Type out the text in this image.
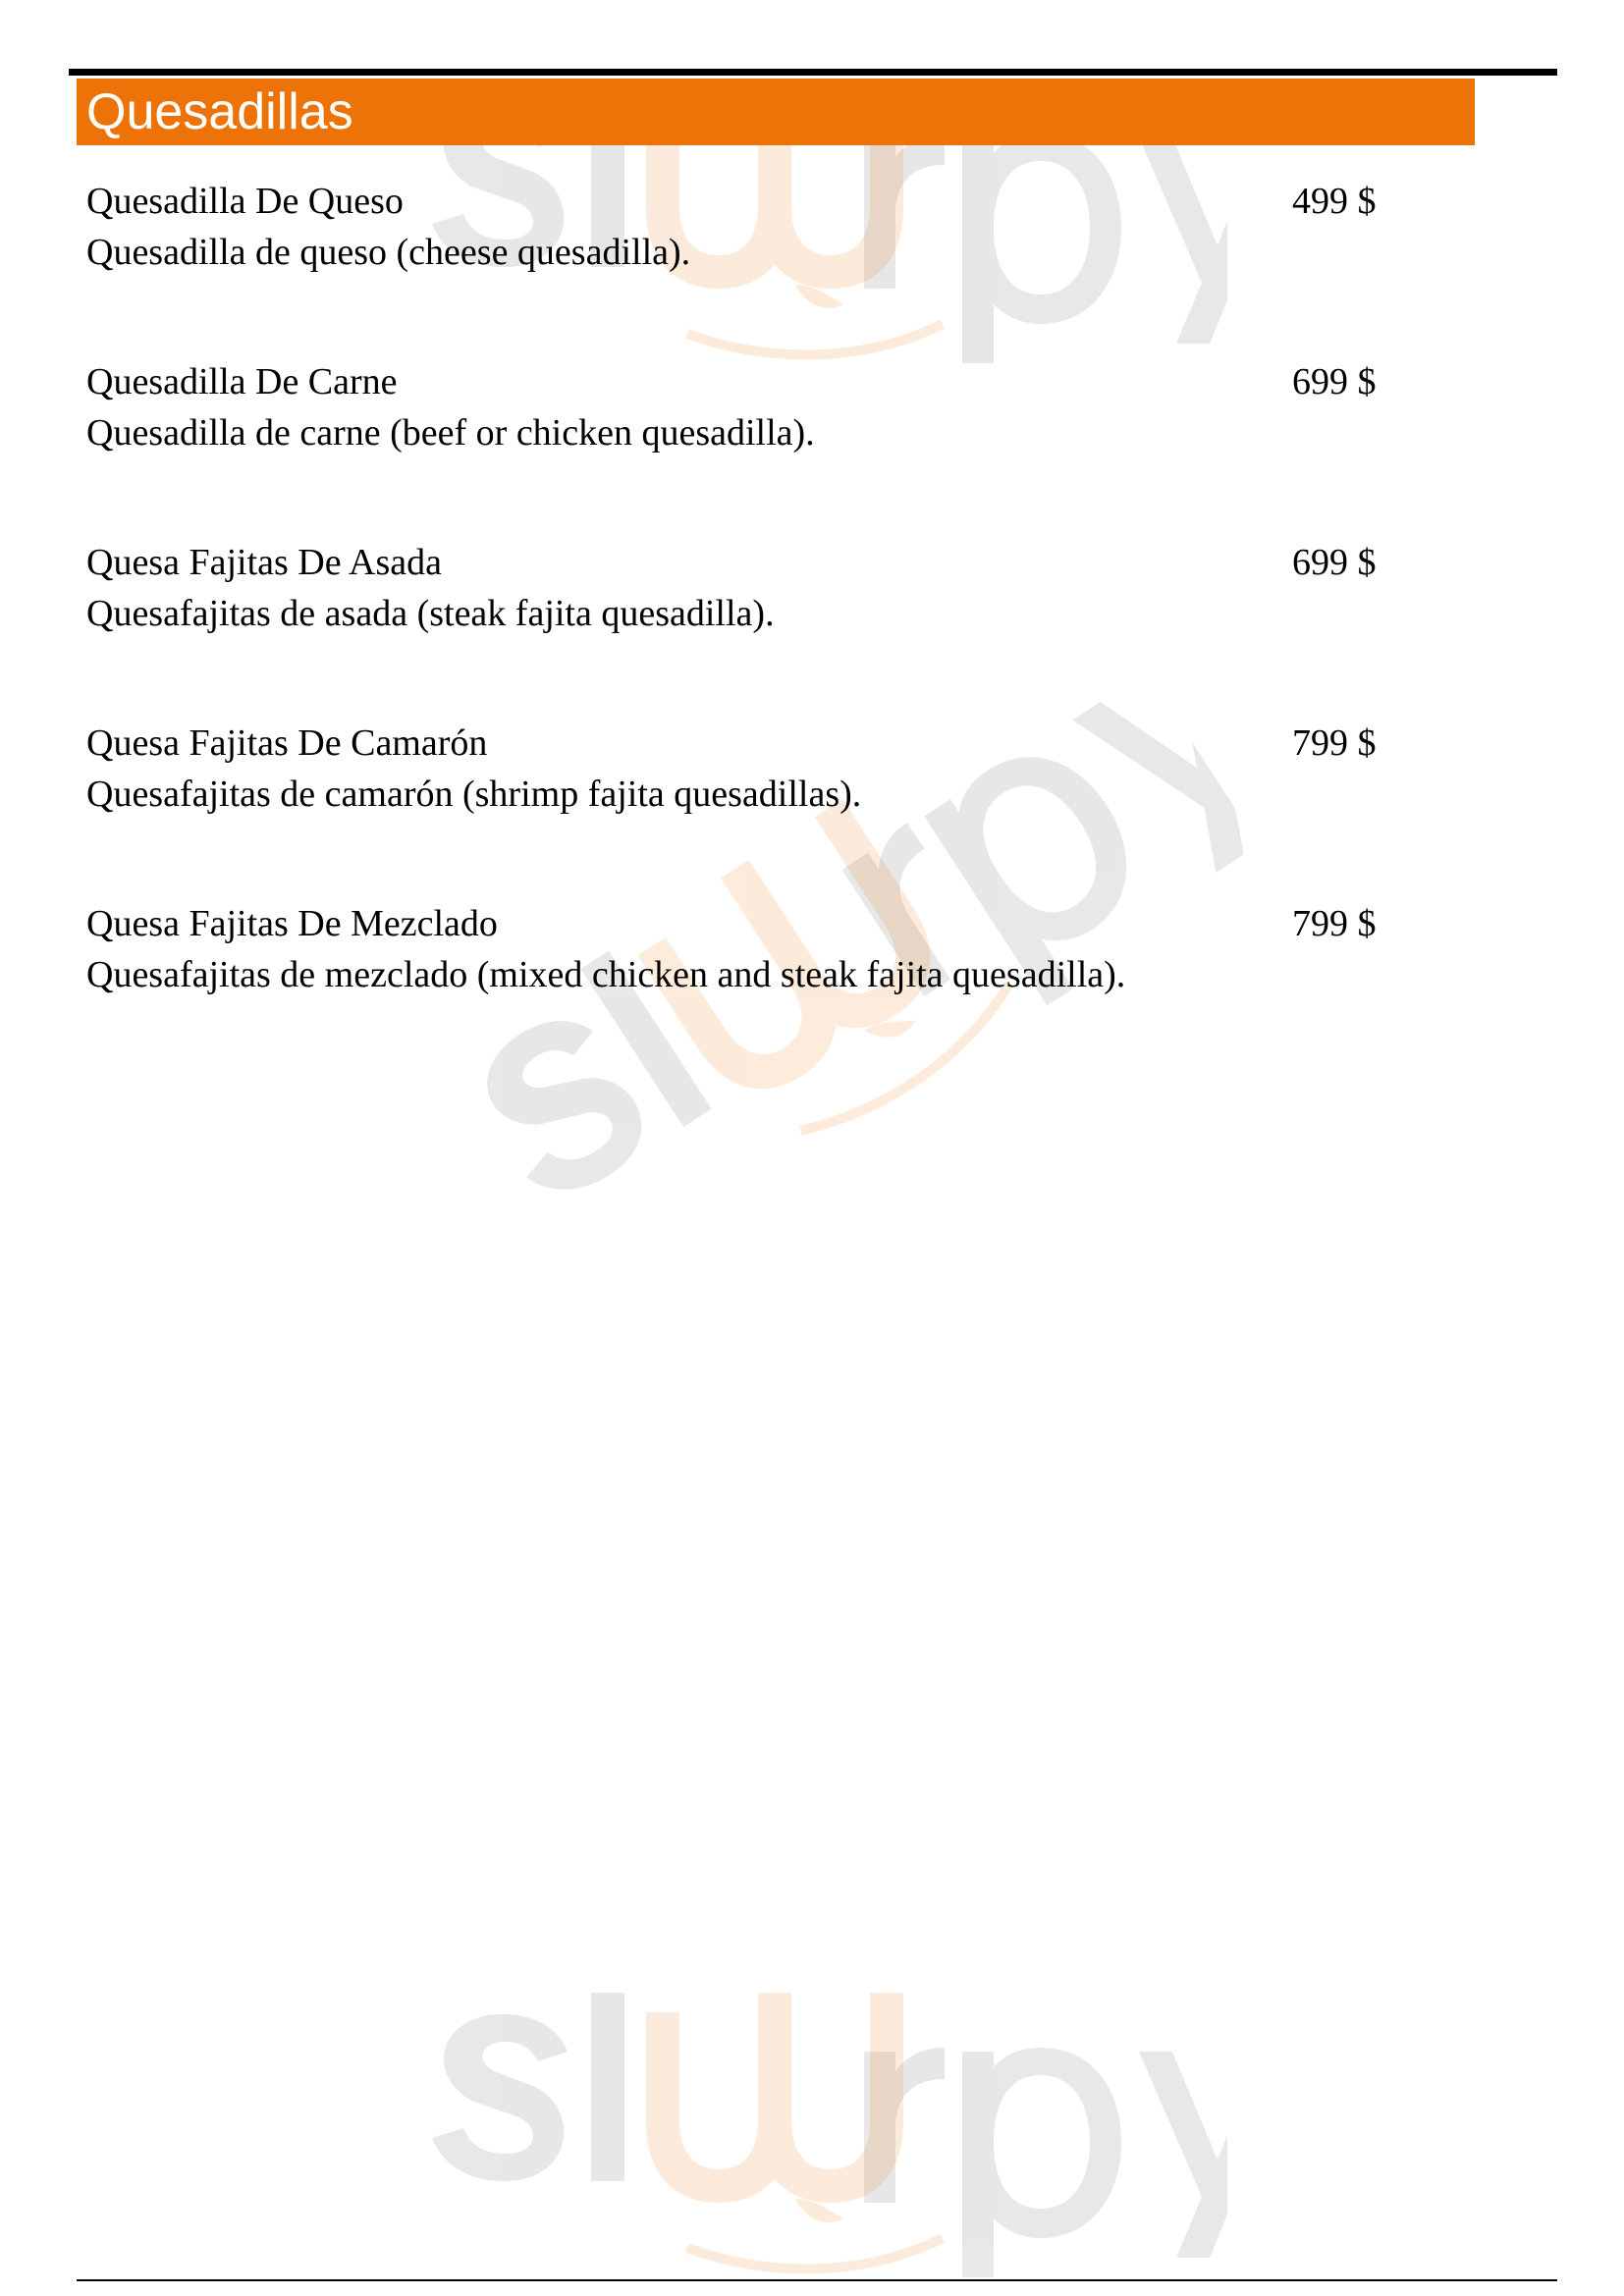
Quesadillas
Quesadilla De Queso
Quesadilla de queso (cheese quesadilla).
499 $
Quesadilla De Carne
Quesadilla de carne (beef or chicken quesadilla).
699 $
Quesa Fajitas De Asada
Quesafajitas de asada (steak fajita quesadilla).
699 $
Quesa Fajitas De Camarón
Quesafajitas de camarón (shrimp fajita quesadillas).
799 $
Quesa Fajitas De Mezclado
Quesafajitas de mezclado (mixed chicken and steak fajita quesadilla).
799 $
